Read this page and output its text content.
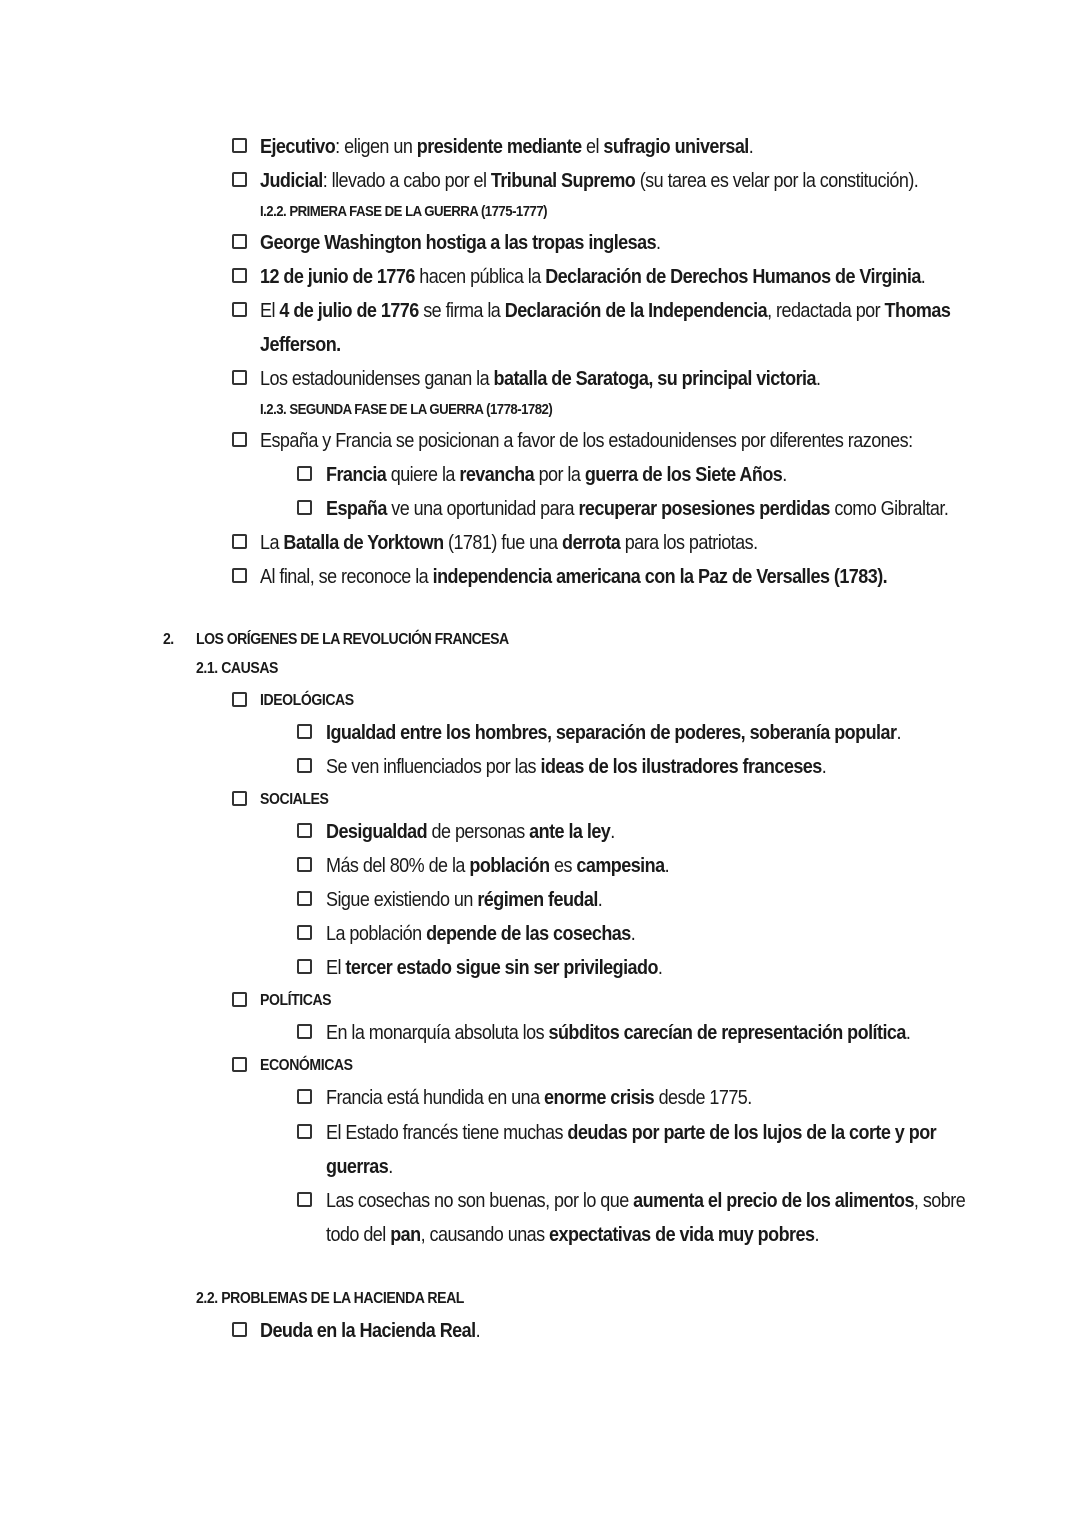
Ejecutivo: eligen un presidente mediante el sufragio universal.
Judicial: llevado a cabo por el Tribunal Supremo (su tarea es velar por la constitución).
I.2.2. PRIMERA FASE DE LA GUERRA (1775-1777)
George Washington hostiga a las tropas inglesas.
12 de junio de 1776 hacen pública la Declaración de Derechos Humanos de Virginia.
El 4 de julio de 1776 se firma la Declaración de la Independencia, redactada por Thomas
Jefferson.
Los estadounidenses ganan la batalla de Saratoga, su principal victoria.
I.2.3. SEGUNDA FASE DE LA GUERRA (1778-1782)
España y Francia se posicionan a favor de los estadounidenses por diferentes razones:
Francia quiere la revancha por la guerra de los Siete Años.
España ve una oportunidad para recuperar posesiones perdidas como Gibraltar.
La Batalla de Yorktown (1781) fue una derrota para los patriotas.
Al final, se reconoce la independencia americana con la Paz de Versalles (1783).
2. LOS ORÍGENES DE LA REVOLUCIÓN FRANCESA
2.1. CAUSAS
IDEOLÓGICAS
Igualdad entre los hombres, separación de poderes, soberanía popular.
Se ven influenciados por las ideas de los ilustradores franceses.
SOCIALES
Desigualdad de personas ante la ley.
Más del 80% de la población es campesina.
Sigue existiendo un régimen feudal.
La población depende de las cosechas.
El tercer estado sigue sin ser privilegiado.
POLÍTICAS
En la monarquía absoluta los súbditos carecían de representación política.
ECONÓMICAS
Francia está hundida en una enorme crisis desde 1775.
El Estado francés tiene muchas deudas por parte de los lujos de la corte y por
guerras.
Las cosechas no son buenas, por lo que aumenta el precio de los alimentos, sobre
todo del pan, causando unas expectativas de vida muy pobres.
2.2. PROBLEMAS DE LA HACIENDA REAL
Deuda en la Hacienda Real.
